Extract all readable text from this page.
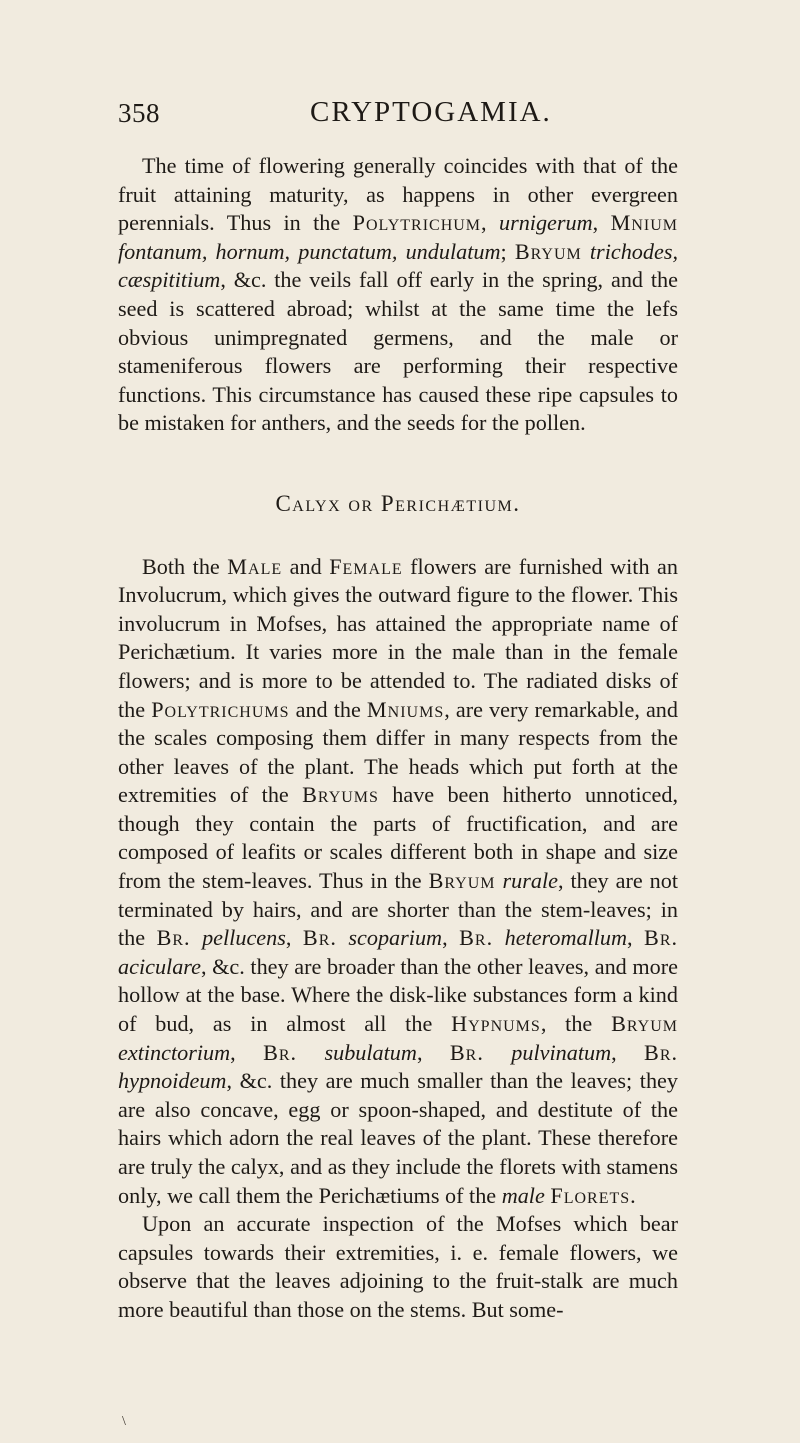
358	CRYPTOGAMIA.

The time of flowering generally coincides with that of the fruit attaining maturity, as happens in other evergreen perennials. Thus in the Polytrichum, urnigerum, Mnium fontanum, hornum, punctatum, undulatum; Bryum trichodes, cæspititium, &c. the veils fall off early in the spring, and the seed is scattered abroad; whilst at the same time the lefs obvious unimpregnated germens, and the male or stameniferous flowers are performing their respective functions. This circumstance has caused these ripe capsules to be mistaken for anthers, and the seeds for the pollen.

Calyx or Perichætium.

Both the Male and Female flowers are furnished with an Involucrum, which gives the outward figure to the flower. This involucrum in Mofses, has attained the appropriate name of Perichætium. It varies more in the male than in the female flowers; and is more to be attended to. The radiated disks of the Polytrichums and the Mniums, are very remarkable, and the scales composing them differ in many respects from the other leaves of the plant. The heads which put forth at the extremities of the Bryums have been hitherto unnoticed, though they contain the parts of fructification, and are composed of leafits or scales different both in shape and size from the stem-leaves. Thus in the Bryum rurale, they are not terminated by hairs, and are shorter than the stem-leaves; in the Br. pellucens, Br. scoparium, Br. heteromallum, Br. aciculare, &c. they are broader than the other leaves, and more hollow at the base. Where the disk-like substances form a kind of bud, as in almost all the Hypnums, the Bryum extinctorium, Br. subulatum, Br. pulvinatum, Br. hypnoideum, &c. they are much smaller than the leaves; they are also concave, egg or spoon-shaped, and destitute of the hairs which adorn the real leaves of the plant. These therefore are truly the calyx, and as they include the florets with stamens only, we call them the Perichætiums of the male Florets.

Upon an accurate inspection of the Mofses which bear capsules towards their extremities, i. e. female flowers, we observe that the leaves adjoining to the fruit-stalk are much more beautiful than those on the stems. But some-

\
